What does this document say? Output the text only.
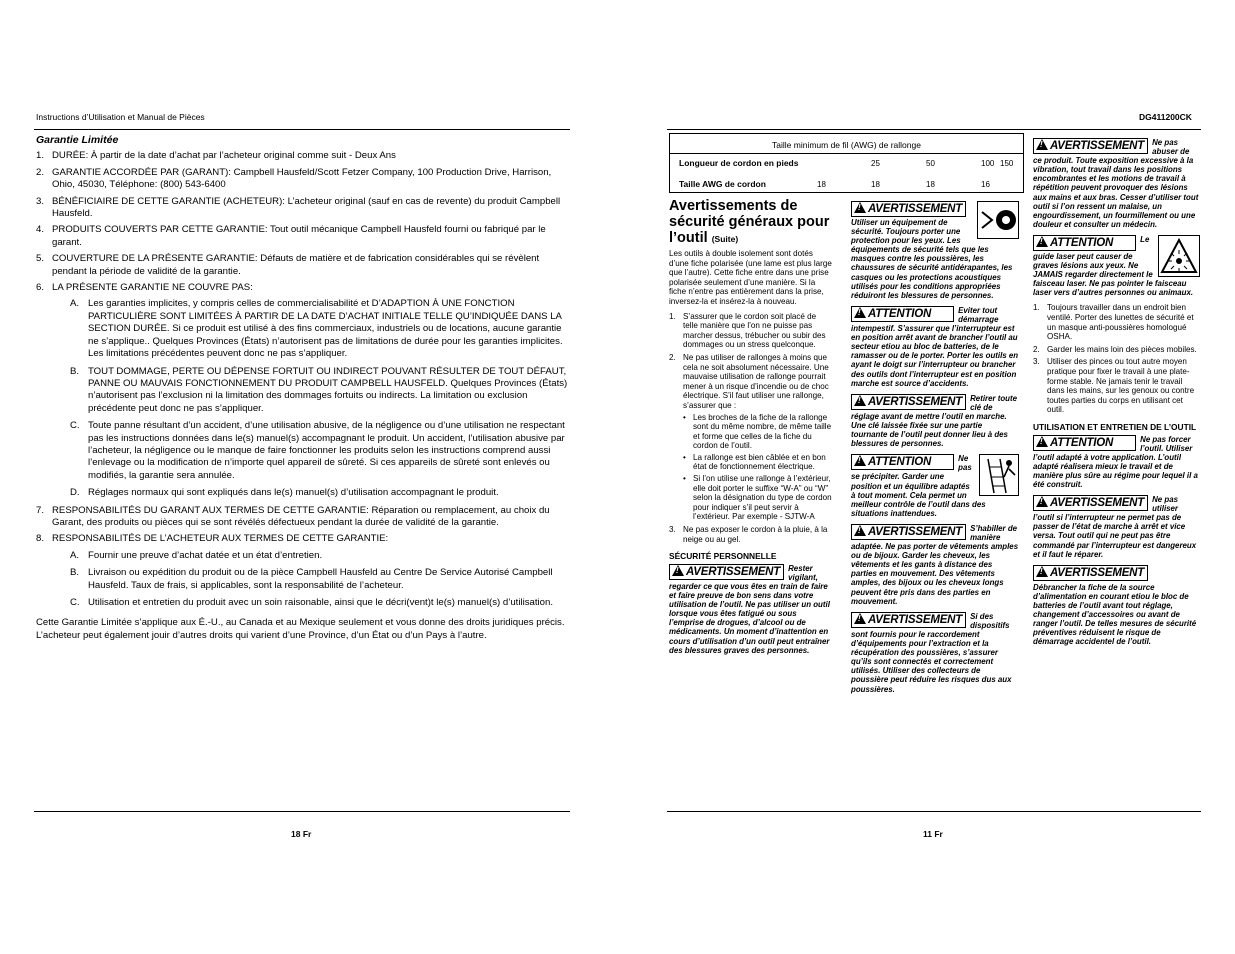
Instructions d’Utilisation et Manual de Pièces
Garantie Limitée
1. DURÉE: À partir de la date d’achat par l’acheteur original comme suit - Deux Ans
2. GARANTIE ACCORDÉE PAR (GARANT): Campbell Hausfeld/Scott Fetzer Company, 100 Production Drive, Harrison, Ohio, 45030, Téléphone: (800) 543-6400
3. BÉNÉFICIAIRE DE CETTE GARANTIE (ACHETEUR): L’acheteur original (sauf en cas de revente) du produit Campbell Hausfeld.
4. PRODUITS COUVERTS PAR CETTE GARANTIE: Tout outil mécanique Campbell Hausfeld fourni ou fabriqué par le garant.
5. COUVERTURE DE LA PRÉSENTE GARANTIE: Défauts de matière et de fabrication considérables qui se révèlent pendant la période de validité de la garantie.
6. LA PRÉSENTE GARANTIE NE COUVRE PAS:
A. Les garanties implicites, y compris celles de commercialisabilité et D’ADAPTION À UNE FONCTION PARTICULIÈRE SONT LIMITÉES À PARTIR DE LA DATE D’ACHAT INITIALE TELLE QU’INDIQUÉE DANS LA SECTION DURÉE. Si ce produit est utilisé à des fins commerciaux, industriels ou de locations, aucune garantie ne s’applique.. Quelques Provinces (États) n’autorisent pas de limitations de durée pour les garanties implicites. Les limitations précédentes peuvent donc ne pas s’appliquer.
B. TOUT DOMMAGE, PERTE OU DÉPENSE FORTUIT OU INDIRECT POUVANT RÉSULTER DE TOUT DÉFAUT, PANNE OU MAUVAIS FONCTIONNEMENT DU PRODUIT CAMPBELL HAUSFELD. Quelques Provinces (États) n’autorisent pas l’exclusion ni la limitation des dommages fortuits ou indirects. La limitation ou exclusion précédente peut donc ne pas s’appliquer.
C. Toute panne résultant d’un accident, d’une utilisation abusive, de la négligence ou d’une utilisation ne respectant pas les instructions données dans le(s) manuel(s) accompagnant le produit. Un accident, l’utilisation abusive par l’acheteur, la négligence ou le manque de faire fonctionner les produits selon les instructions comprend aussi l’enlevage ou la modification de n’importe quel appareil de sûreté. Si ces appareils de sûreté sont enlevés ou modifiés, la garantie sera annulée.
D. Réglages normaux qui sont expliqués dans le(s) manuel(s) d’utilisation accompagnant le produit.
7. RESPONSABILITÉS DU GARANT AUX TERMES DE CETTE GARANTIE: Réparation ou remplacement, au choix du Garant, des produits ou pièces qui se sont révélés défectueux pendant la durée de validité de la garantie.
8. RESPONSABILITÉS DE L’ACHETEUR AUX TERMES DE CETTE GARANTIE:
A. Fournir une preuve d’achat datée et un état d’entretien.
B. Livraison ou expédition du produit ou de la pièce Campbell Hausfeld au Centre De Service Autorisé Campbell Hausfeld. Taux de frais, si applicables, sont la responsabilité de l’acheteur.
C. Utilisation et entretien du produit avec un soin raisonable, ainsi que le décri(vent)t le(s) manuel(s) d’utilisation.
Cette Garantie Limitée s’applique aux É.-U., au Canada et au Mexique seulement et vous donne des droits juridiques précis. L’acheteur peut également jouir d’autres droits qui varient d’une Province, d’un État ou d’un Pays à l’autre.
18 Fr
DG411200CK
Taille minimum de fil (AWG) de rallonge
Longueur de cordon en pieds	25	50	100 150
Taille AWG de cordon	18	18	18	16
Avertissements de sécurité généraux pour l’outil (Suite)
Les outils à double isolement sont dotés d’une fiche polarisée (une lame est plus large que l’autre). Cette fiche entre dans une prise polarisée seulement d’une manière. Si la fiche n’entre pas entièrement dans la prise, inversez-la et insérez-la à nouveau.
1. S’assurer que le cordon soit placé de telle manière que l’on ne puisse pas marcher dessus, trébucher ou subir des dommages ou un stress quelconque.
2. Ne pas utiliser de rallonges à moins que cela ne soit absolument nécessaire. Une mauvaise utilisation de rallonge pourrait mener à un risque d’incendie ou de choc électrique. S’il faut utiliser une rallonge, s’assurer que :
• Les broches de la fiche de la rallonge sont du même nombre, de même taille et forme que celles de la fiche du cordon de l’outil.
• La rallonge est bien câblée et en bon état de fonctionnement électrique.
• Si l’on utilise une rallonge à l’extérieur, elle doit porter le suffixe “W-A” ou “W” selon la désignation du type de cordon pour indiquer s’il peut servir à l’extérieur. Par exemple - SJTW-A
3. Ne pas exposer le cordon à la pluie, à la neige ou au gel.
SÉCURITÉ PERSONNELLE
!AVERTISSEMENT	Rester vigilant, regarder ce que vous êtes en train de faire et faire preuve de bon sens dans votre utilisation de l’outil. Ne pas utiliser un outil lorsque vous êtes fatigué ou sous l’emprise de drogues, d’alcool ou de médicaments. Un moment d’inattention en cours d’utilisation d’un outil peut entraîner des blessures graves des personnes.
!AVERTISSEMENT
Utiliser un équipement de sécurité. Toujours porter une protection pour les yeux. Les équipements de sécurité tels que les masques contre les poussières, les chaussures de sécurité antidérapantes, les casques ou les protections acoustiques utilisés pour les conditions appropriées réduiront les blessures de personnes.
!ATTENTION	Eviter tout démarrage intempestif. S’assurer que l’interrupteur est en position arrêt avant de brancher l’outil au secteur etiou au bloc de batteries, de le ramasser ou de le porter. Porter les outils en ayant le doigt sur l’interrupteur ou brancher des outils dont l’interrupteur est en position marche est source d’accidents.
!AVERTISSEMENT	Retirer toute clé de réglage avant de mettre l’outil en marche. Une clé laissée fixée sur une partie tournante de l’outil peut donner lieu à des blessures de personnes.
!ATTENTION	Ne pas se précipiter. Garder une position et un équilibre adaptés à tout moment. Cela permet un meilleur contrôle de l’outil dans des situations inattendues.
!AVERTISSEMENT	S’habiller de manière adaptée. Ne pas porter de vêtements amples ou de bijoux. Garder les cheveux, les vêtements et les gants à distance des parties en mouvement. Des vêtements amples, des bijoux ou les cheveux longs peuvent être pris dans des parties en mouvement.
!AVERTISSEMENT	Si des dispositifs sont fournis pour le raccordement d’équipements pour l’extraction et la récupération des poussières, s’assurer qu’ils sont connectés et correctement utilisés. Utiliser des collecteurs de poussière peut réduire les risques dus aux poussières.
!AVERTISSEMENT	Ne pas abuser de ce produit. Toute exposition excessive à la vibration, tout travail dans les positions encombrantes et les motions de travail à répétition peuvent provoquer des lésions aux mains et aux bras. Cesser d’utiliser tout outil si l’on ressent un malaise, un engourdissement, un fourmillement ou une douleur et consulter un médecin.
!ATTENTION	Le guide laser peut causer de graves lésions aux yeux. Ne JAMAIS regarder directement le faisceau laser. Ne pas pointer le faisceau laser vers d’autres personnes ou animaux.
1. Toujours travailler dans un endroit bien ventilé. Porter des lunettes de sécurité et un masque anti-poussières homologué OSHA.
2. Garder les mains loin des pièces mobiles.
3. Utiliser des pinces ou tout autre moyen pratique pour fixer le travail à une plate-forme stable. Ne jamais tenir le travail dans les mains, sur les genoux ou contre toutes parties du corps en utilisant cet outil.
UTILISATION ET ENTRETIEN DE L’OUTIL
!ATTENTION	Ne pas forcer l’outil. Utiliser l’outil adapté à votre application. L’outil adapté réalisera mieux le travail et de manière plus sûre au régime pour lequel il a été construit.
!AVERTISSEMENT	Ne pas utiliser l’outil si l’interrupteur ne permet pas de passer de l’état de marche à arrêt et vice versa. Tout outil qui ne peut pas être commandé par l’interrupteur est dangereux et il faut le réparer.
!AVERTISSEMENT
Débrancher la fiche de la source d’alimentation en courant etiou le bloc de batteries de l’outil avant tout réglage, changement d’accessoires ou avant de ranger l’outil. De telles mesures de sécurité préventives réduisent le risque de démarrage accidentel de l’outil.
11 Fr
